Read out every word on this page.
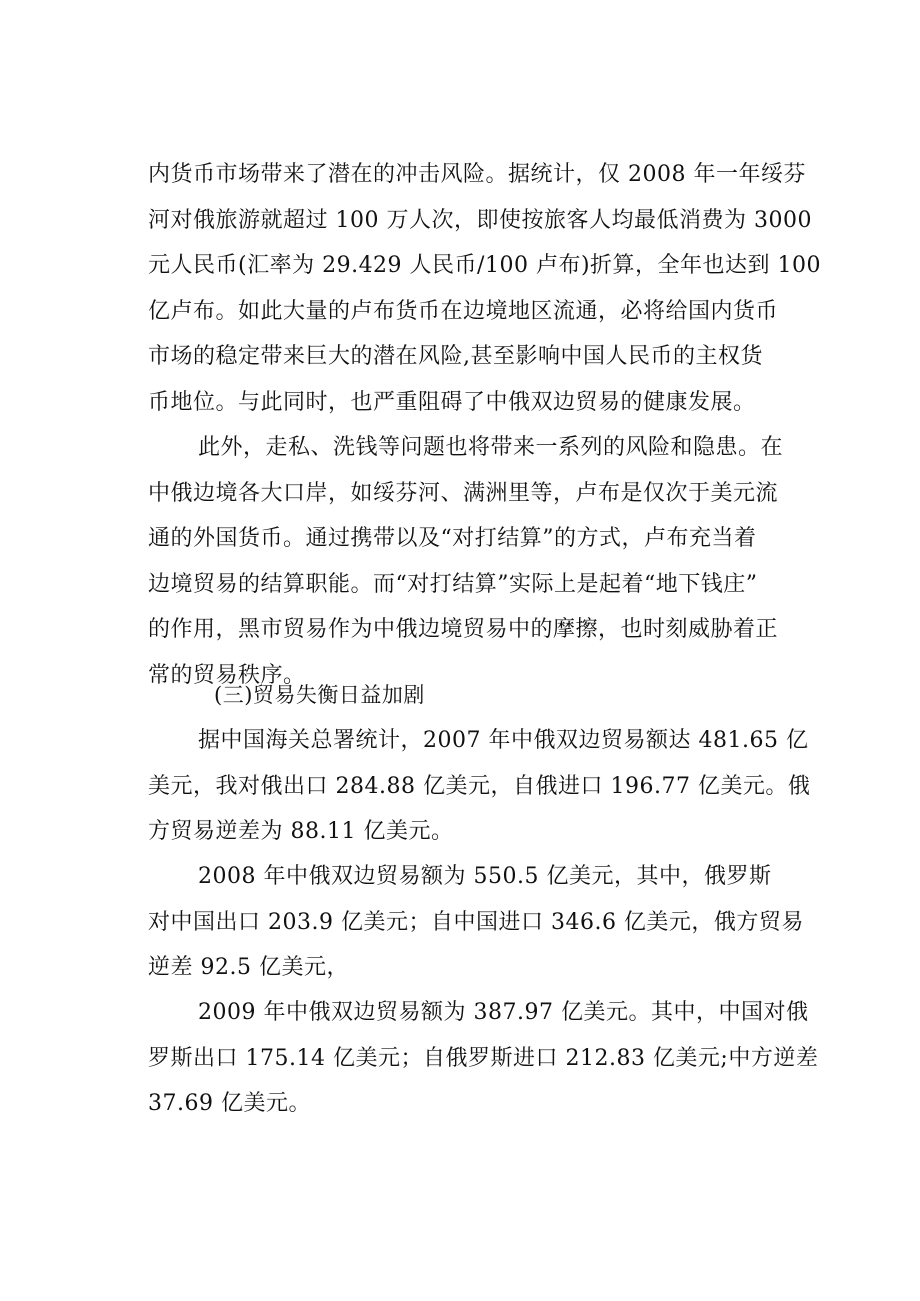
内货币市场带来了潜在的冲击风险。据统计，仅 2008 年一年绥芬
河对俄旅游就超过 100 万人次，即使按旅客人均最低消费为 3000
元人民币(汇率为 29.429 人民币/100 卢布)折算，全年也达到 100
亿卢布。如此大量的卢布货币在边境地区流通，必将给国内货币
市场的稳定带来巨大的潜在风险,甚至影响中国人民币的主权货
币地位。与此同时，也严重阻碍了中俄双边贸易的健康发展。

此外，走私、洗钱等问题也将带来一系列的风险和隐患。在
中俄边境各大口岸，如绥芬河、满洲里等，卢布是仅次于美元流
通的外国货币。通过携带以及“对打结算”的方式，卢布充当着
边境贸易的结算职能。而“对打结算”实际上是起着“地下钱庄”
的作用，黑市贸易作为中俄边境贸易中的摩擦，也时刻威胁着正
常的贸易秩序。

(三)贸易失衡日益加剧

据中国海关总署统计，2007 年中俄双边贸易额达 481.65 亿
美元，我对俄出口 284.88 亿美元，自俄进口 196.77 亿美元。俄
方贸易逆差为 88.11 亿美元。

2008 年中俄双边贸易额为 550.5 亿美元，其中，俄罗斯
对中国出口 203.9 亿美元；自中国进口 346.6 亿美元，俄方贸易
逆差 92.5 亿美元，

2009 年中俄双边贸易额为 387.97 亿美元。其中，中国对俄
罗斯出口 175.14 亿美元；自俄罗斯进口 212.83 亿美元;中方逆差
37.69 亿美元。
